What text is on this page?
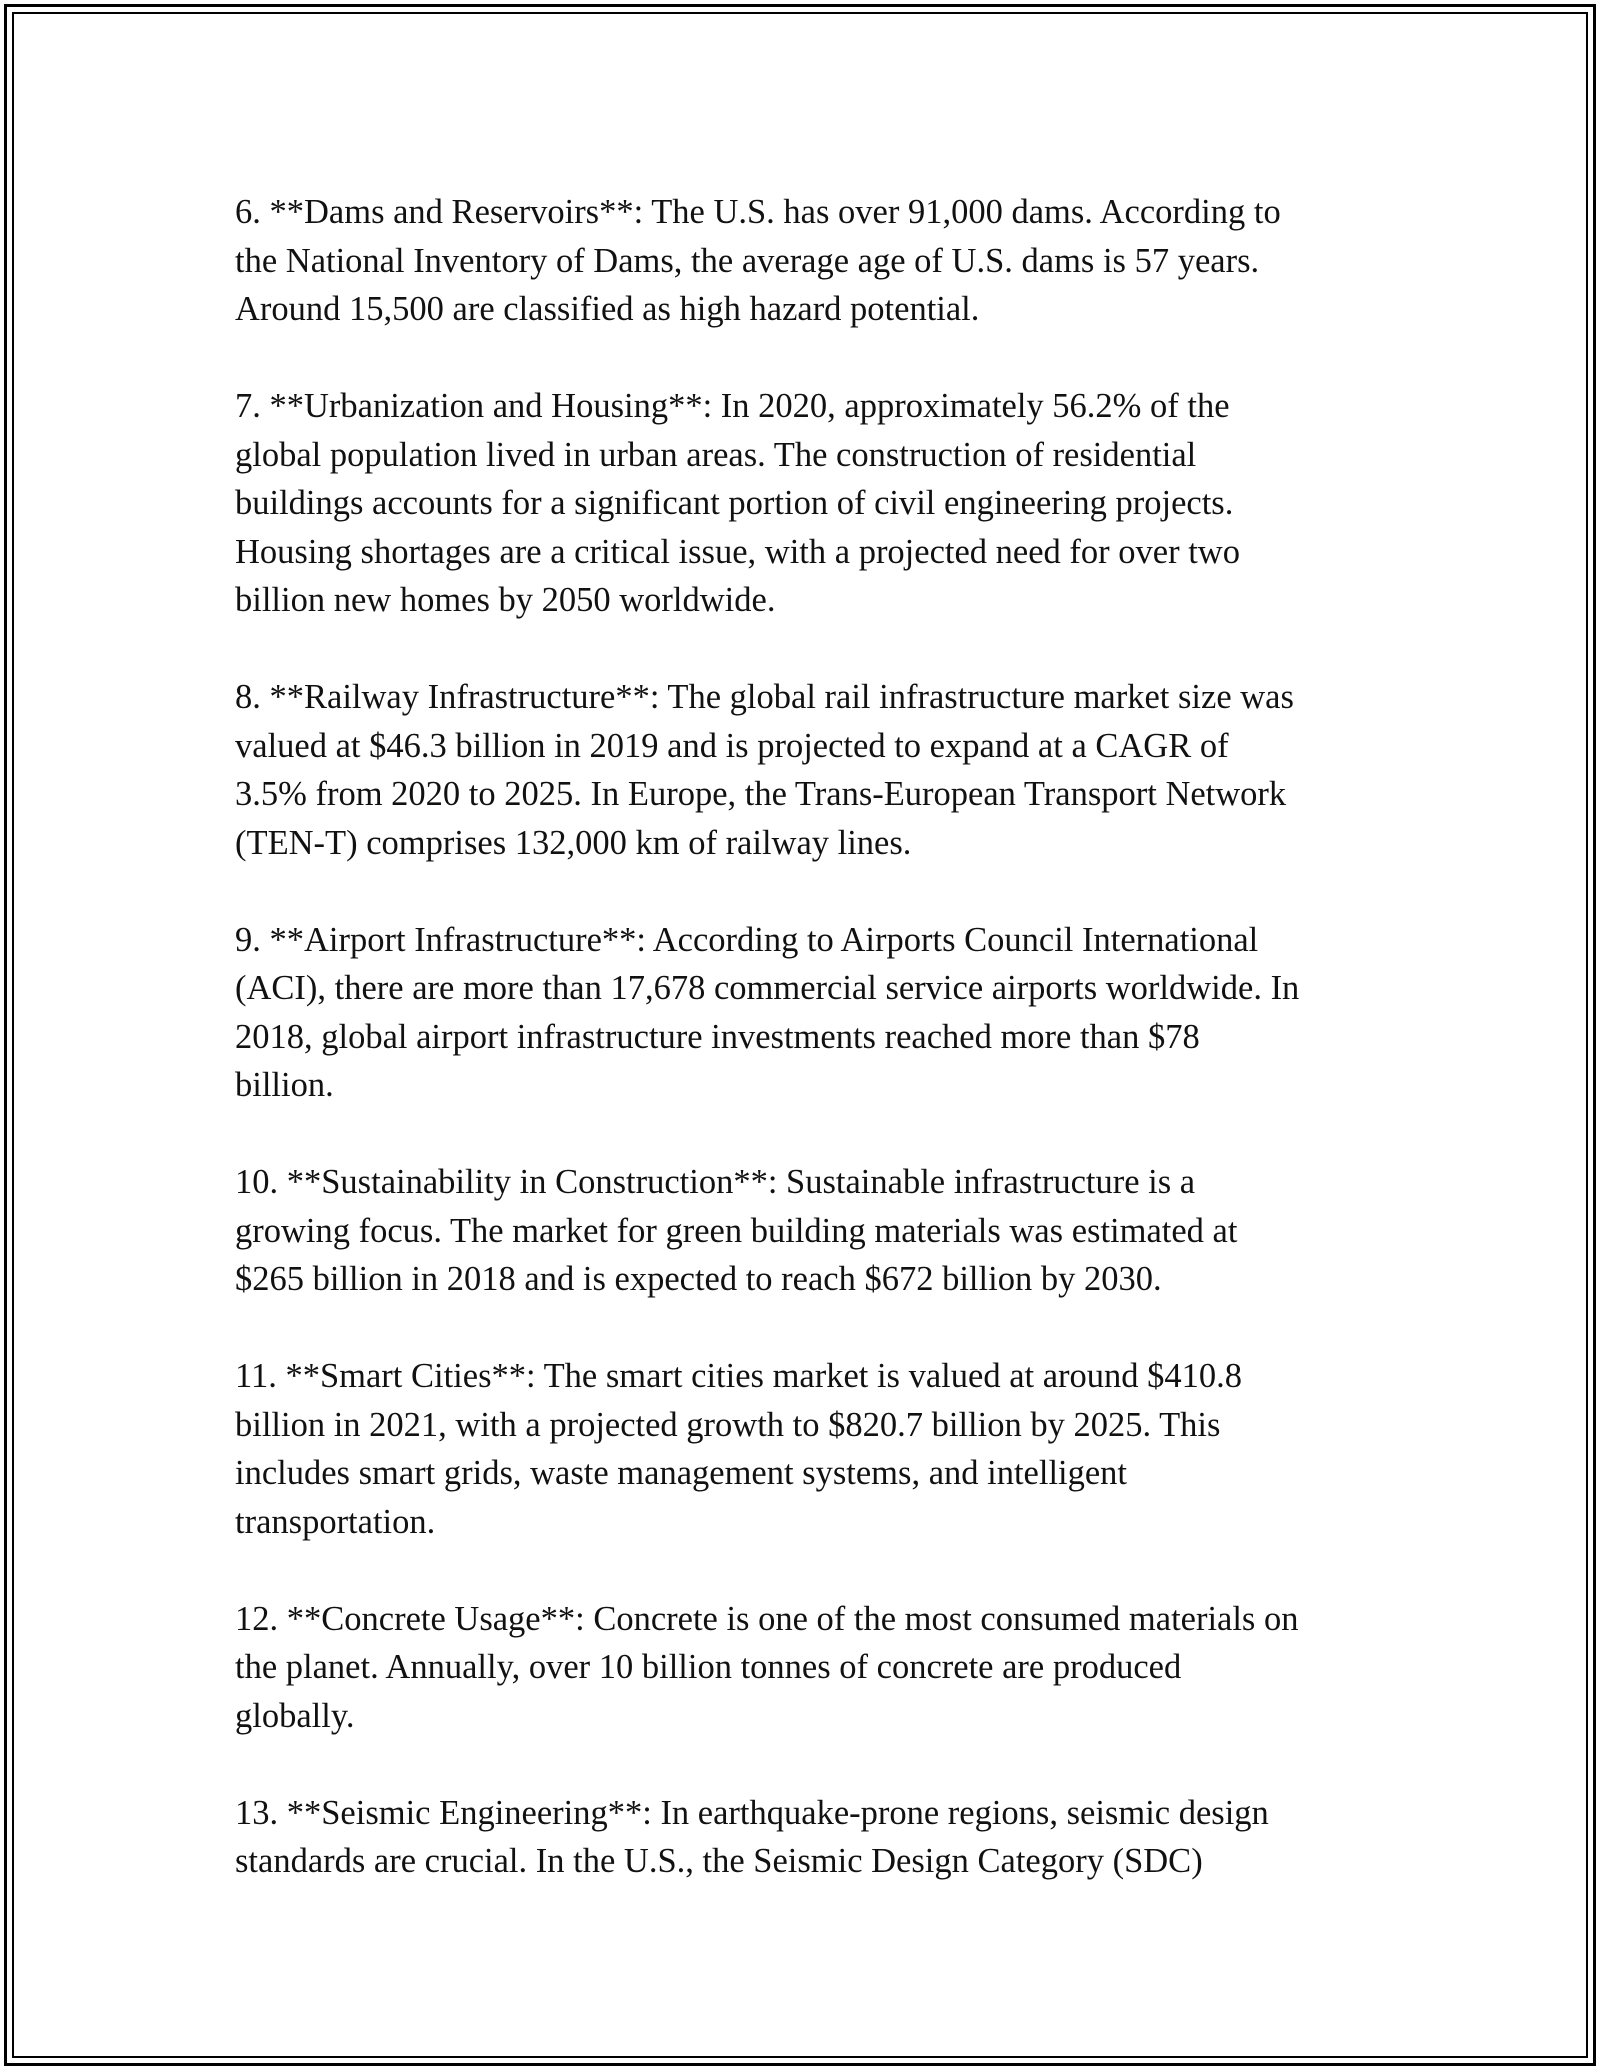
6. **Dams and Reservoirs**: The U.S. has over 91,000 dams. According to
the National Inventory of Dams, the average age of U.S. dams is 57 years.
Around 15,500 are classified as high hazard potential.

7. **Urbanization and Housing**: In 2020, approximately 56.2% of the
global population lived in urban areas. The construction of residential
buildings accounts for a significant portion of civil engineering projects.
Housing shortages are a critical issue, with a projected need for over two
billion new homes by 2050 worldwide.

8. **Railway Infrastructure**: The global rail infrastructure market size was
valued at $46.3 billion in 2019 and is projected to expand at a CAGR of
3.5% from 2020 to 2025. In Europe, the Trans-European Transport Network
(TEN-T) comprises 132,000 km of railway lines.

9. **Airport Infrastructure**: According to Airports Council International
(ACI), there are more than 17,678 commercial service airports worldwide. In
2018, global airport infrastructure investments reached more than $78
billion.

10. **Sustainability in Construction**: Sustainable infrastructure is a
growing focus. The market for green building materials was estimated at
$265 billion in 2018 and is expected to reach $672 billion by 2030.

11. **Smart Cities**: The smart cities market is valued at around $410.8
billion in 2021, with a projected growth to $820.7 billion by 2025. This
includes smart grids, waste management systems, and intelligent
transportation.

12. **Concrete Usage**: Concrete is one of the most consumed materials on
the planet. Annually, over 10 billion tonnes of concrete are produced
globally.

13. **Seismic Engineering**: In earthquake-prone regions, seismic design
standards are crucial. In the U.S., the Seismic Design Category (SDC)
